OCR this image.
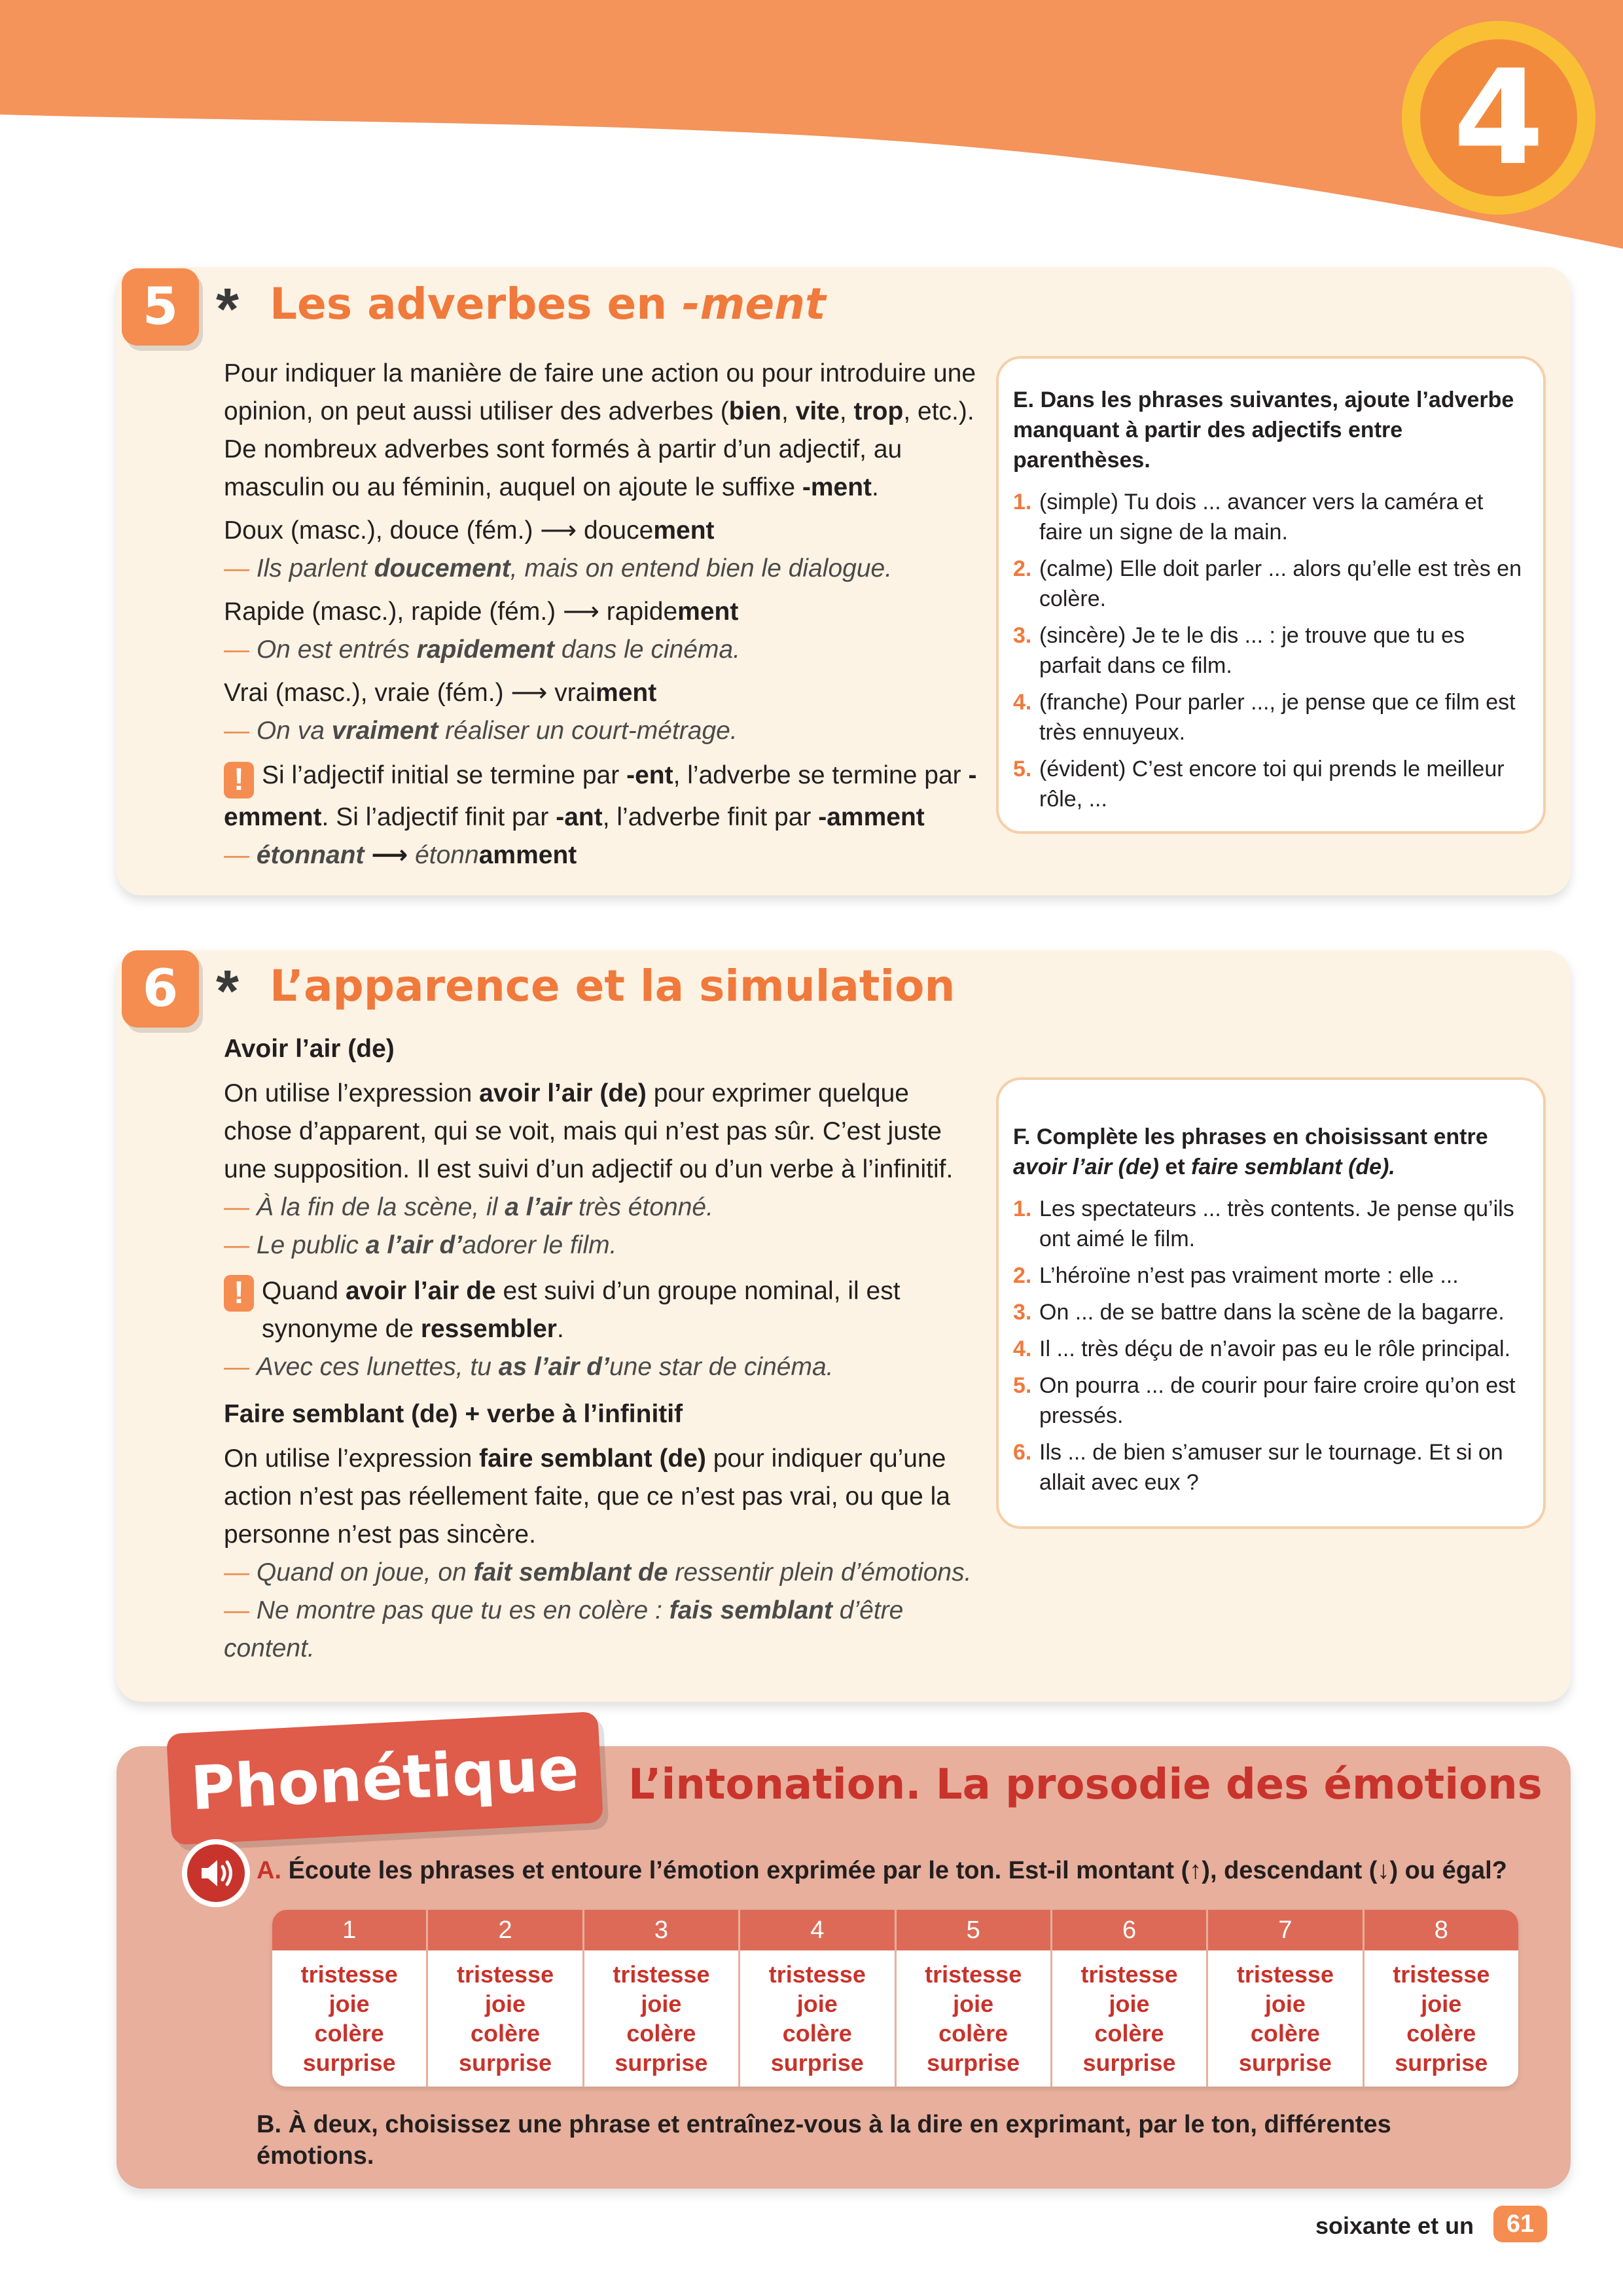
4
5 * Les adverbes en -ment

Pour indiquer la manière de faire une action ou pour introduire une opinion, on peut aussi utiliser des adverbes (bien, vite, trop, etc.). De nombreux adverbes sont formés à partir d’un adjectif, au masculin ou au féminin, auquel on ajoute le suffixe -ment.

Doux (masc.), douce (fém.) ⟶ doucement

— Ils parlent doucement, mais on entend bien le dialogue.

Rapide (masc.), rapide (fém.) ⟶ rapidement

— On est entrés rapidement dans le cinéma.

Vrai (masc.), vraie (fém.) ⟶ vraiment

— On va vraiment réaliser un court-métrage.

! Si l’adjectif initial se termine par -ent, l’adverbe se termine par -emment. Si l’adjectif finit par -ant, l’adverbe finit par -amment

— étonnant ⟶ étonnamment

E. Dans les phrases suivantes, ajoute l’adverbe manquant à partir des adjectifs entre parenthèses.
1. (simple) Tu dois ... avancer vers la caméra et faire un signe de la main.
2. (calme) Elle doit parler ... alors qu’elle est très en colère.
3. (sincère) Je te le dis ... : je trouve que tu es parfait dans ce film.
4. (franche) Pour parler ..., je pense que ce film est très ennuyeux.
5. (évident) C’est encore toi qui prends le meilleur rôle, ...
6 * L’apparence et la simulation

Avoir l’air (de)

On utilise l’expression avoir l’air (de) pour exprimer quelque chose d’apparent, qui se voit, mais qui n’est pas sûr. C’est juste une supposition. Il est suivi d’un adjectif ou d’un verbe à l’infinitif.

— À la fin de la scène, il a l’air très étonné.

— Le public a l’air d’adorer le film.

! Quand avoir l’air de est suivi d’un groupe nominal, il est synonyme de ressembler.

— Avec ces lunettes, tu as l’air d’une star de cinéma.

Faire semblant (de) + verbe à l’infinitif

On utilise l’expression faire semblant (de) pour indiquer qu’une action n’est pas réellement faite, que ce n’est pas vrai, ou que la personne n’est pas sincère.

— Quand on joue, on fait semblant de ressentir plein d’émotions.

— Ne montre pas que tu es en colère : fais semblant d’être content.

F. Complète les phrases en choisissant entre avoir l’air (de) et faire semblant (de).
1. Les spectateurs ... très contents. Je pense qu’ils ont aimé le film.
2. L’héroïne n’est pas vraiment morte : elle ...
3. On ... de se battre dans la scène de la bagarre.
4. Il ... très déçu de n’avoir pas eu le rôle principal.
5. On pourra ... de courir pour faire croire qu’on est pressés.
6. Ils ... de bien s’amuser sur le tournage. Et si on allait avec eux ?
Phonétique	L’intonation. La prosodie des émotions
A. Écoute les phrases et entoure l’émotion exprimée par le ton. Est-il montant (↑), descendant (↓) ou égal?
1
tristesse
joie
colère
surprise
2
tristesse
joie
colère
surprise
3
tristesse
joie
colère
surprise
4
tristesse
joie
colère
surprise
5
tristesse
joie
colère
surprise
6
tristesse
joie
colère
surprise
7
tristesse
joie
colère
surprise
8
tristesse
joie
colère
surprise
B. À deux, choisissez une phrase et entraînez-vous à la dire en exprimant, par le ton, différentes émotions.
soixante et un	61
